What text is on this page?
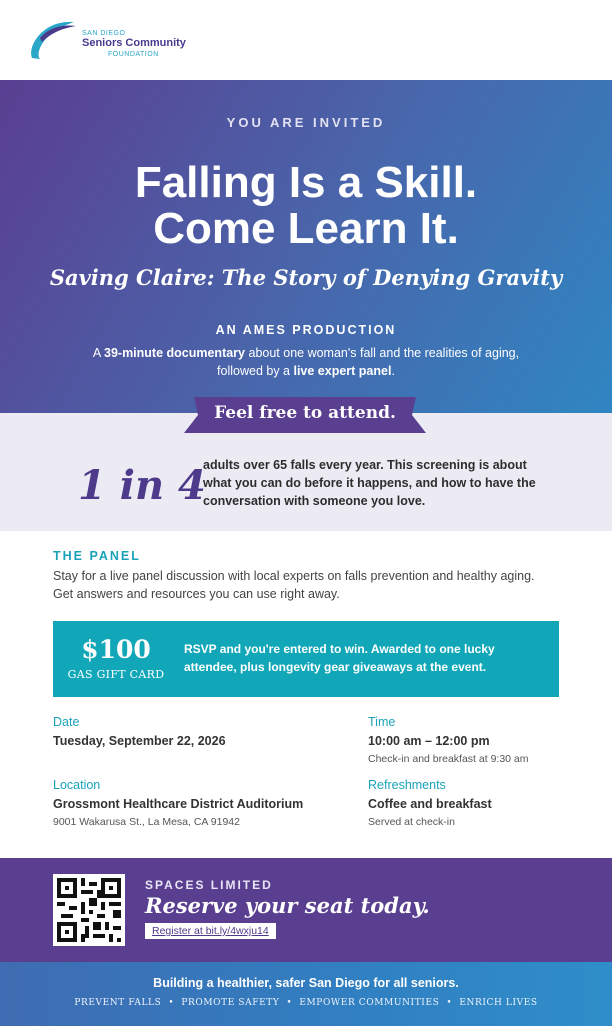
SAN DIEGO
Seniors Community
FOUNDATION
YOU ARE INVITED
Falling Is a Skill.
Come Learn It.
Saving Claire: The Story of Denying Gravity
AN AMES PRODUCTION
A 39-minute documentary about one woman's fall and the realities of aging,
followed by a live expert panel.
Feel free to attend.
1 in 4
adults over 65 falls every year. This screening is about what you can do before it happens, and how to have the conversation with someone you love.
THE PANEL
Stay for a live panel discussion with local experts on falls prevention and healthy aging.
Get answers and resources you can use right away.
$100
GAS GIFT CARD
RSVP and you're entered to win. Awarded to one lucky attendee, plus longevity gear giveaways at the event.
Date
Tuesday, September 22, 2026
Time
10:00 am – 12:00 pm
Check-in and breakfast at 9:30 am
Location
Grossmont Healthcare District Auditorium
9001 Wakarusa St., La Mesa, CA 91942
Refreshments
Coffee and breakfast
Served at check-in
SPACES LIMITED
Reserve your seat today.
Register at bit.ly/4wxju14
Building a healthier, safer San Diego for all seniors.
PREVENT FALLS • PROMOTE SAFETY • EMPOWER COMMUNITIES • ENRICH LIVES
